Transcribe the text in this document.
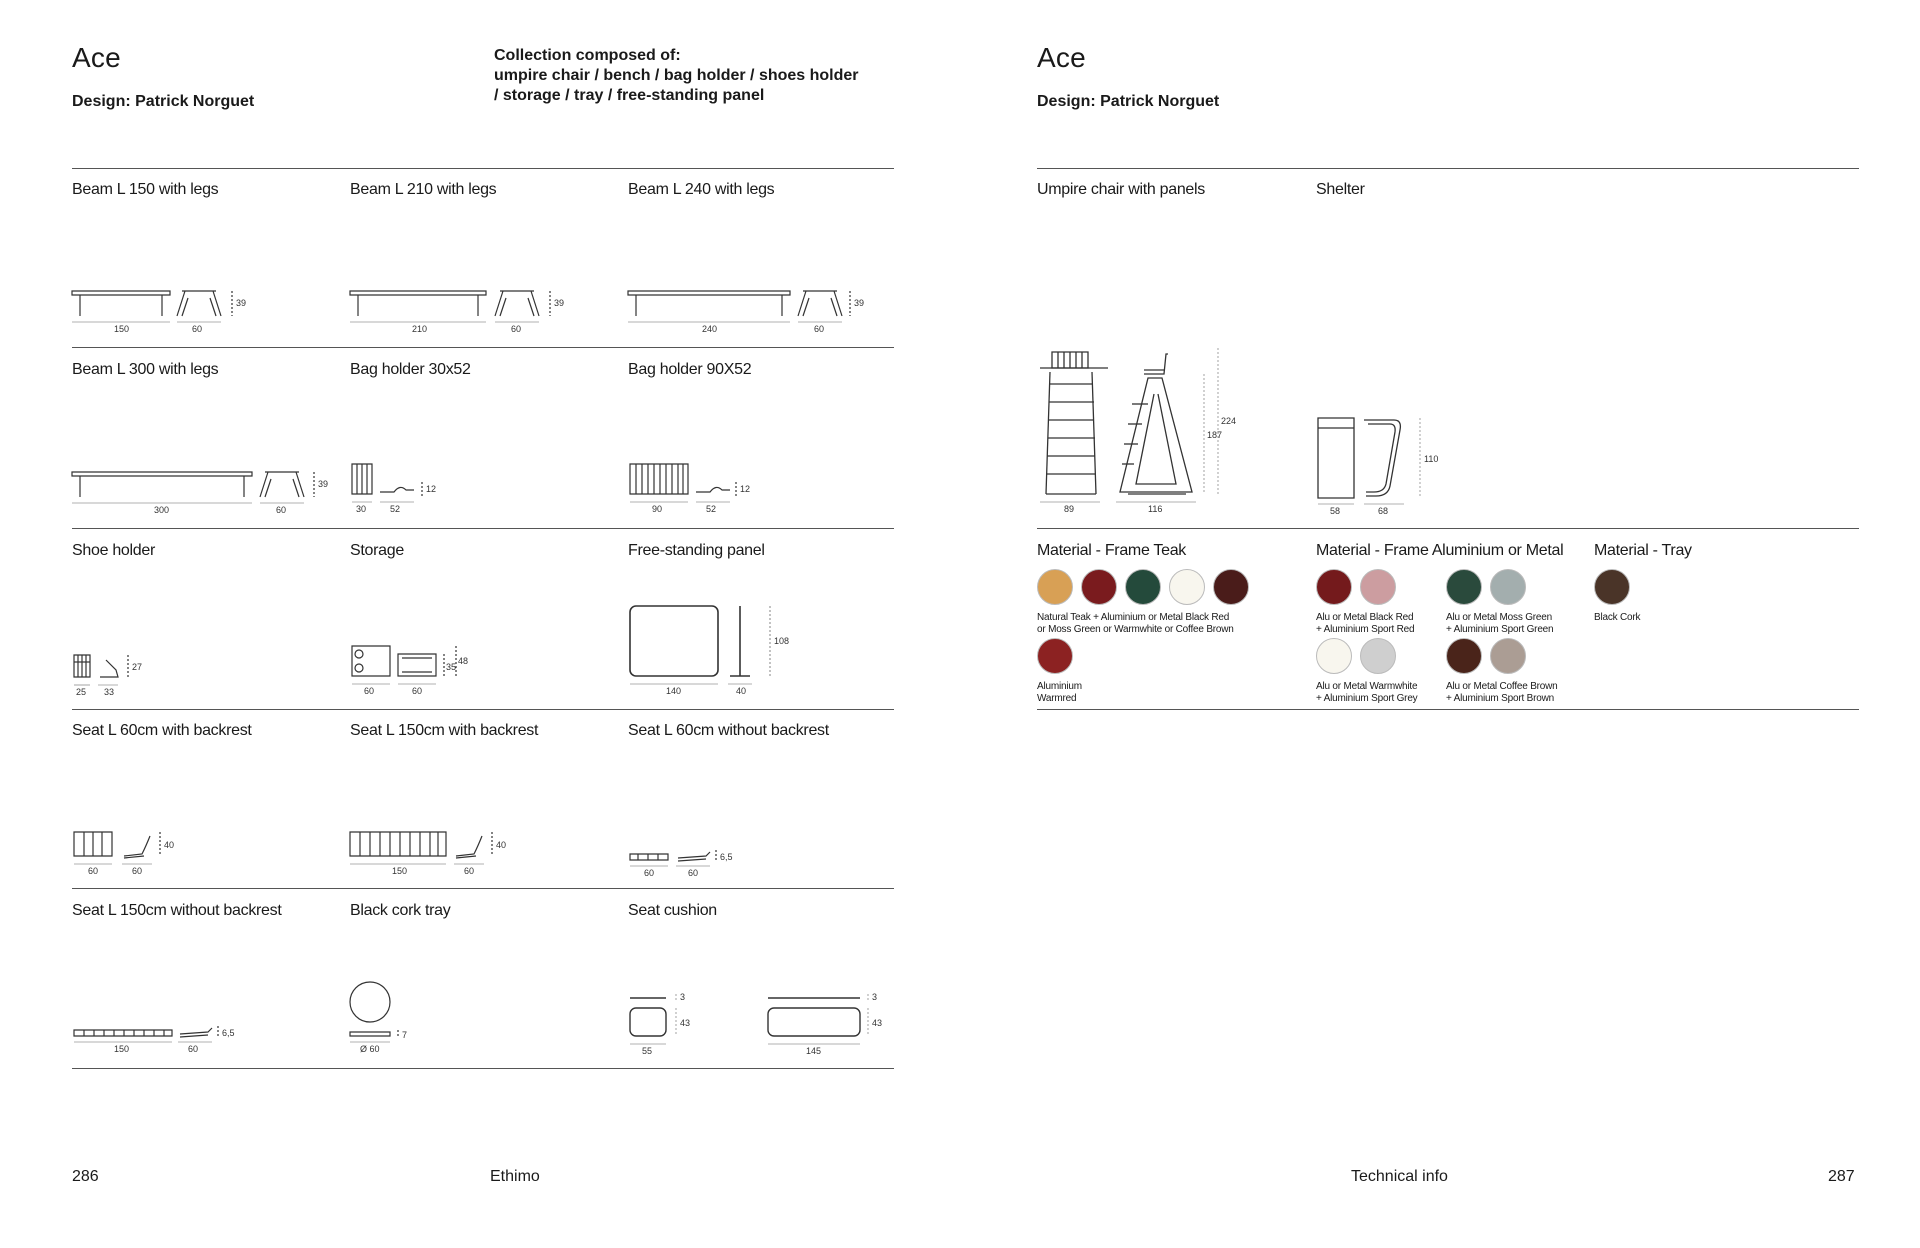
Ace
Design: Patrick Norguet
Collection composed of:
umpire chair / bench / bag holder / shoes holder
/ storage / tray / free-standing panel
Beam L 150 with legs
150	60
39
Beam L 210 with legs
210	60
39
Beam L 240 with legs
240	60
39
Beam L 300 with legs
300	60
39
Bag holder 30x52
30	52
12
Bag holder 90X52
90	52
12
Shoe holder
25 33
27
Storage
60	60
35
48
Free-standing panel
140	40
108
Seat L 60cm with backrest
60	60
40
Seat L 150cm with backrest
150	60
40
Seat L 60cm without backrest
60	60
6,5
Seat L 150cm without backrest
150	60
6,5
Black cork tray
Ø 60
7
Seat cushion
55
43
3
145
43
3
286	Ethimo
Ace
Design: Patrick Norguet
Umpire chair with panels
89	116
187
224
Shelter
58	68
110
Material - Frame Teak
Natural Teak + Aluminium or Metal Black Red
or Moss Green or Warmwhite or Coffee Brown
Aluminium
Warmred
Material - Frame Aluminium or Metal
Alu or Metal Black Red
+ Aluminium Sport Red
Alu or Metal Moss Green
+ Aluminium Sport Green
Alu or Metal Warmwhite
+ Aluminium Sport Grey
Alu or Metal Coffee Brown
+ Aluminium Sport Brown
Material - Tray
Black Cork
Technical info	287
